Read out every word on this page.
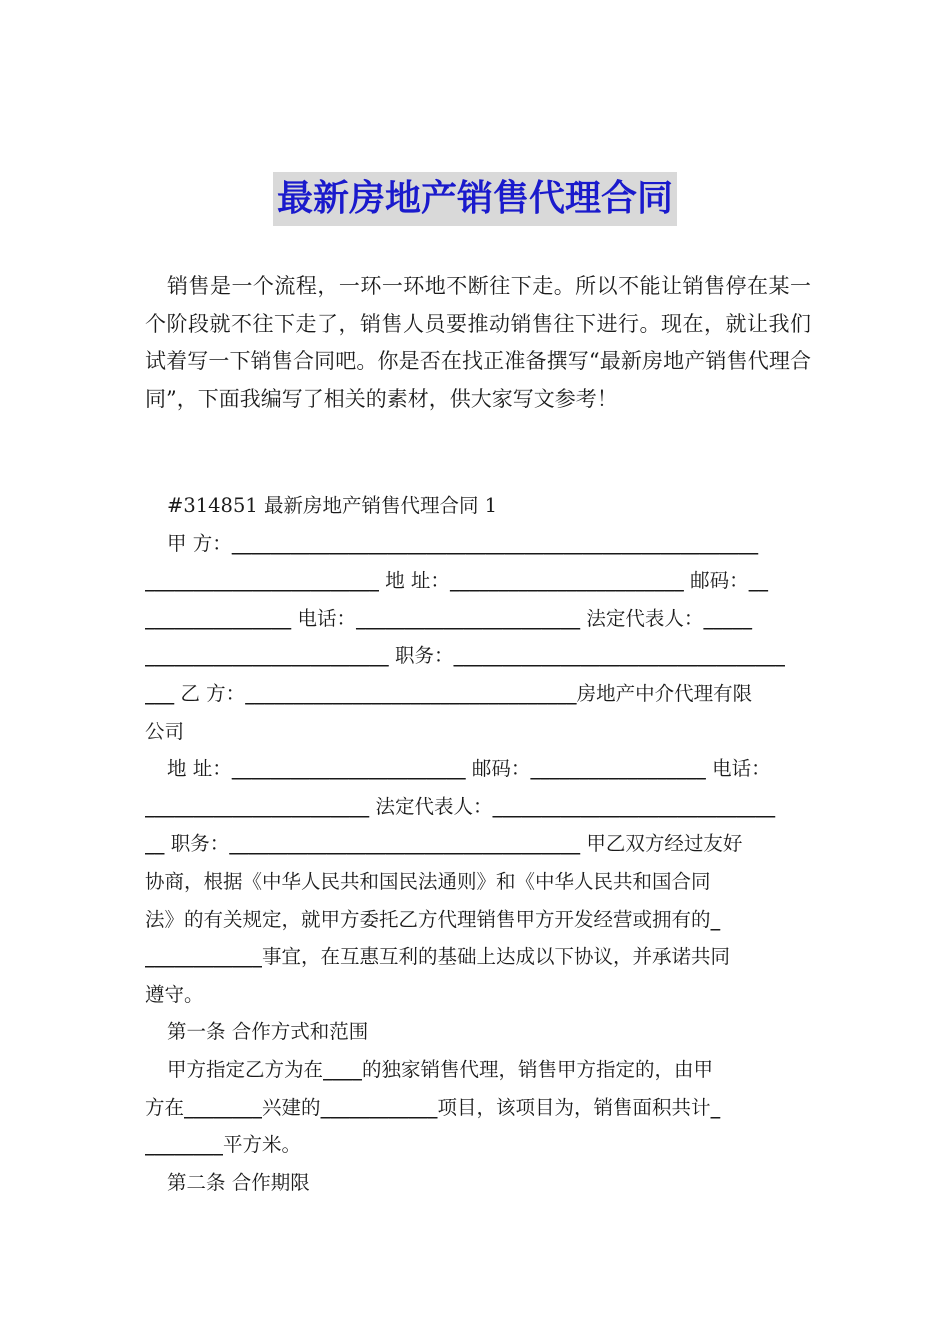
最新房地产销售代理合同
销售是一个流程，一环一环地不断往下走。所以不能让销售停在某一个阶段就不往下走了，销售人员要推动销售往下进行。现在，就让我们试着写一下销售合同吧。你是否在找正准备撰写“最新房地产销售代理合同”，下面我编写了相关的素材，供大家写文参考！
#314851 最新房地产销售代理合同 1
甲 方：______________________________________________________
________________________ 地 址：________________________ 邮码：__
_______________ 电话：_______________________ 法定代表人：_____
_________________________ 职务：__________________________________
___ 乙 方：__________________________________房地产中介代理有限
公司
地 址：________________________ 邮码：__________________ 电话：
_______________________ 法定代表人：_____________________________
__ 职务：____________________________________ 甲乙双方经过友好
协商，根据《中华人民共和国民法通则》和《中华人民共和国合同
法》的有关规定，就甲方委托乙方代理销售甲方开发经营或拥有的_
____________事宜，在互惠互利的基础上达成以下协议，并承诺共同
遵守。
第一条 合作方式和范围
甲方指定乙方为在____的独家销售代理，销售甲方指定的，由甲
方在________兴建的____________项目，该项目为，销售面积共计_
________平方米。
第二条 合作期限
